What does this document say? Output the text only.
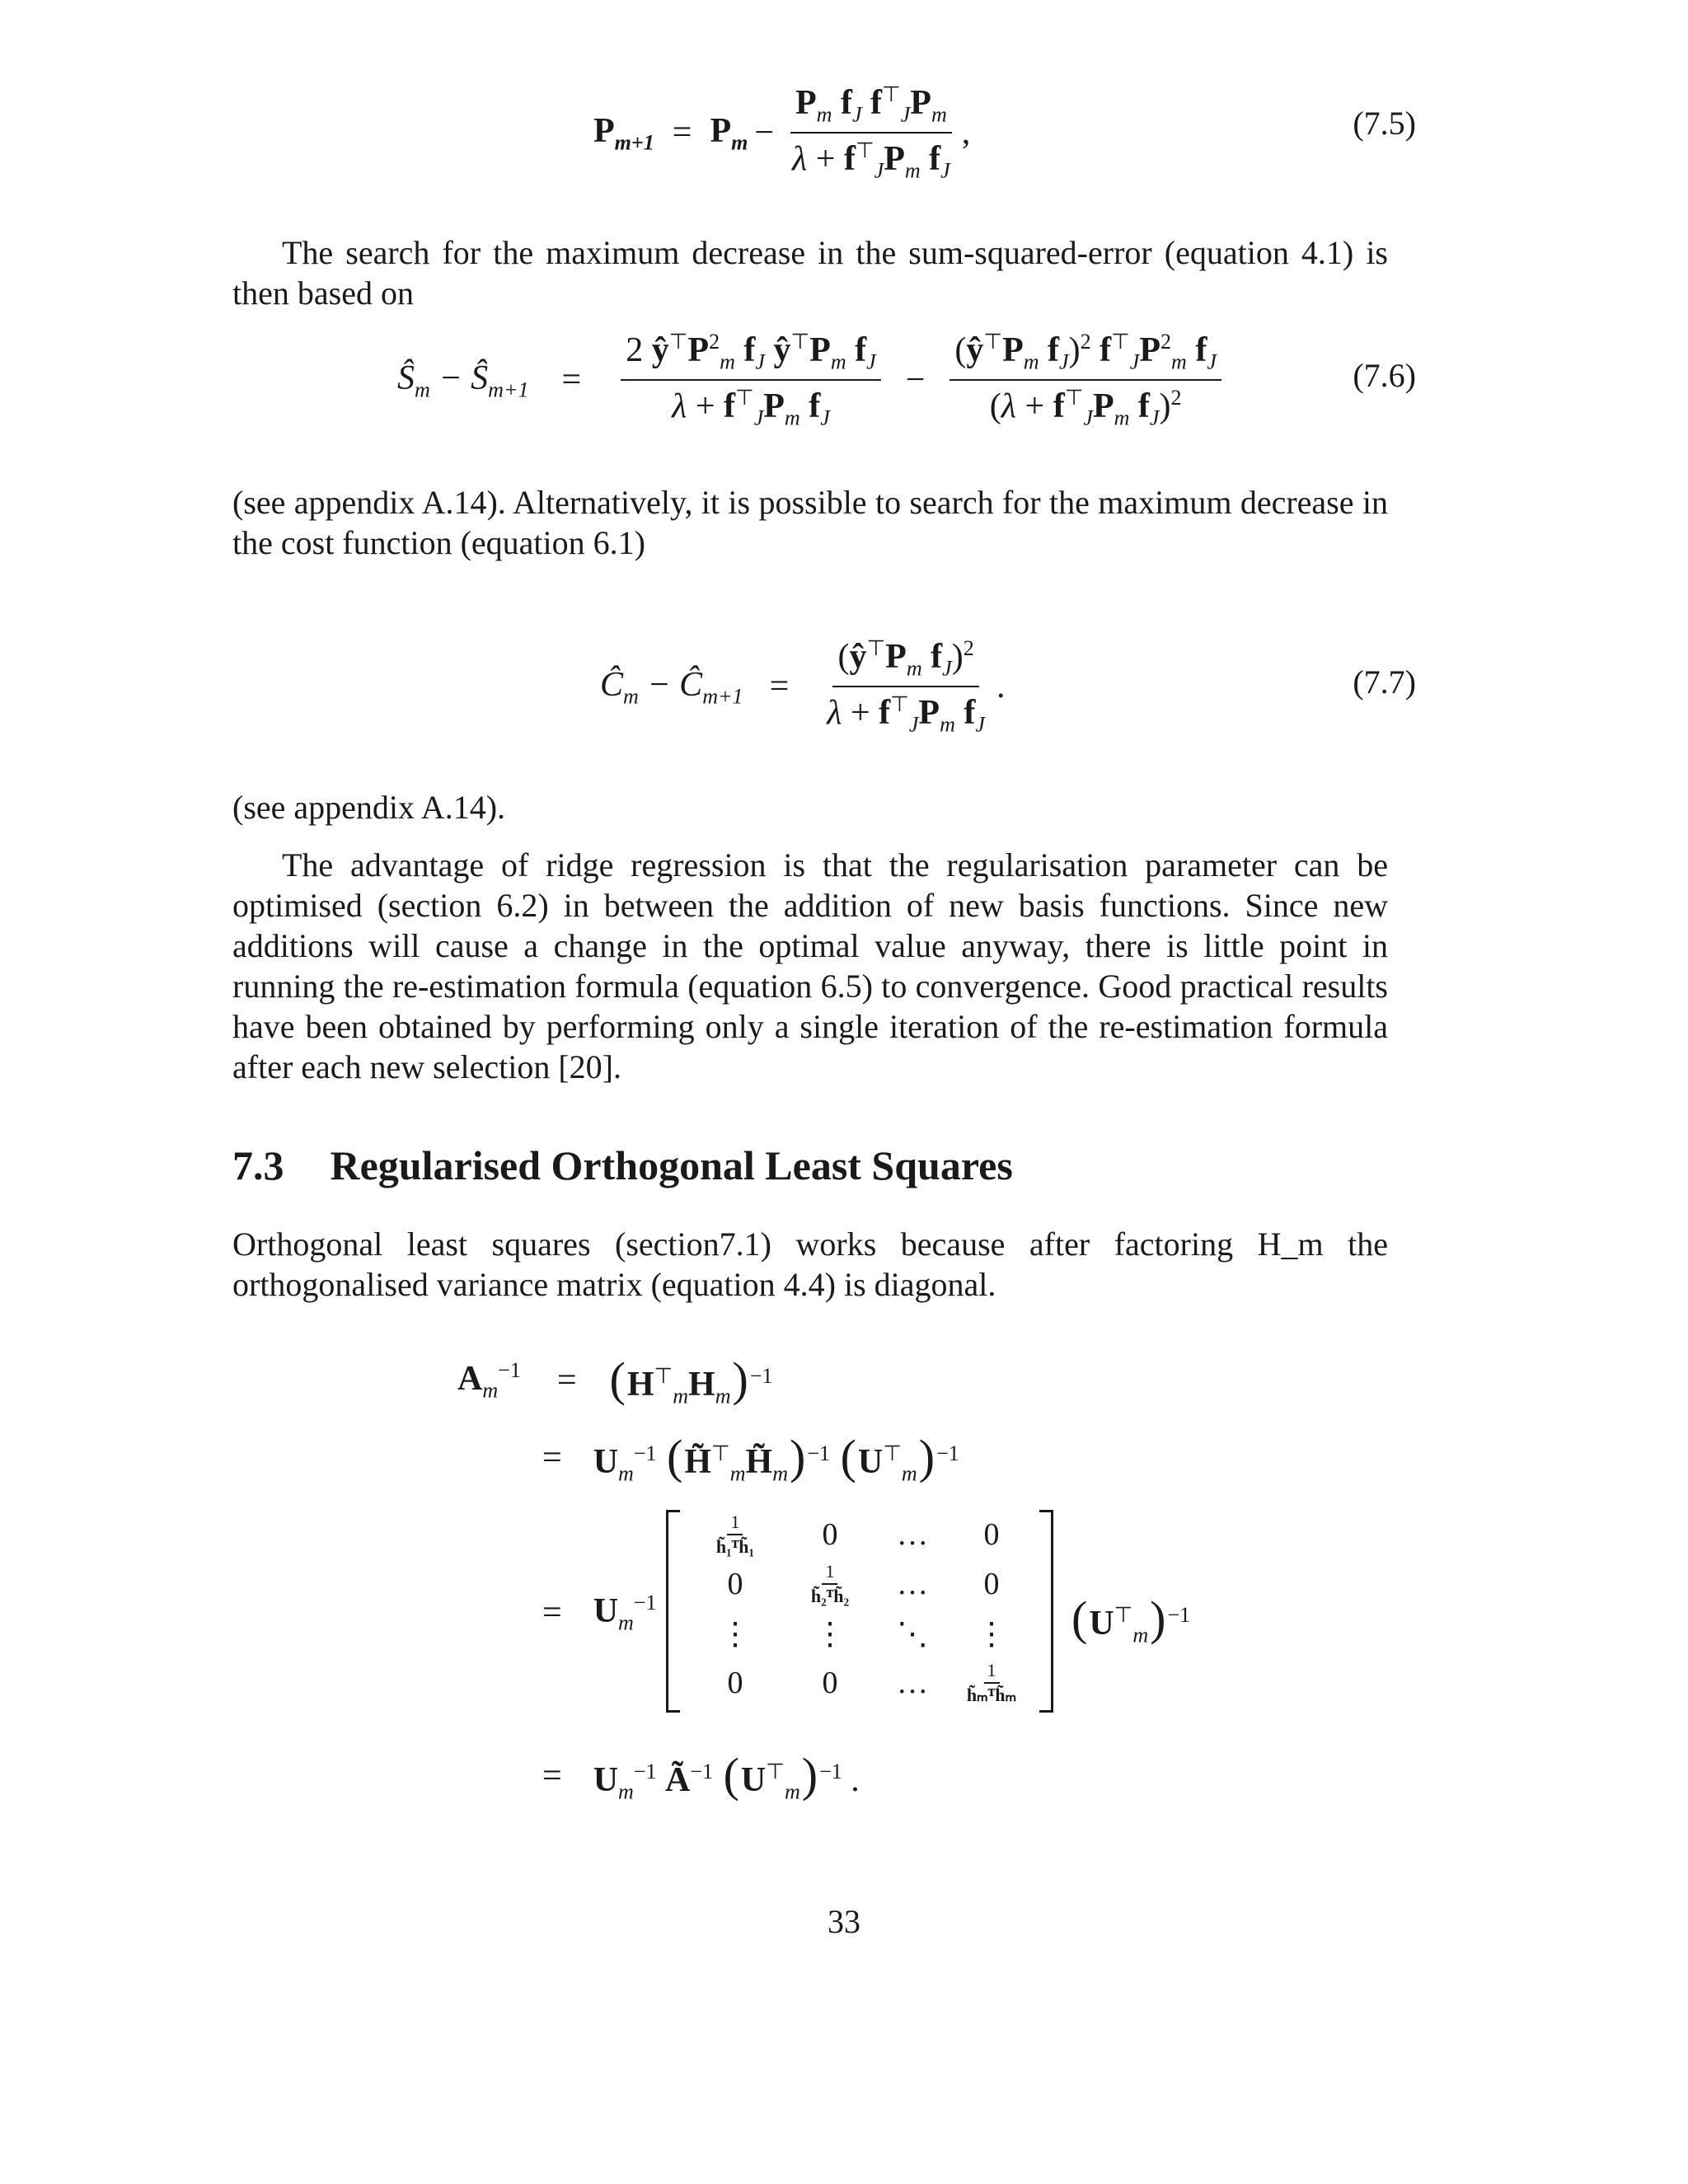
$P_{m+1} = P_m - \frac{P_m f_J f^⊤_JP_m}{\lambda + f^⊤_JP_m f_J}$ ,	(7.5)
The search for the maximum decrease in the sum-squared-error (equation 4.1) is then based on
$Ŝ_m$ − $Ŝ_{m+1} = \frac{2 ŷ^⊤P^2_m f_J ŷ^⊤P_m f_J}{\lambda + f^⊤_JP_m f_J} - \frac{(ŷ^⊤P_m f_J)^2 f^⊤_JP^2_m f_J}{(\lambda + f^⊤_JP_m f_J)^2}$	(7.6)
(see appendix A.14). Alternatively, it is possible to search for the maximum decrease in the cost function (equation 6.1)
$Ĉ_m$ − $Ĉ_{m+1} = \frac{(ŷ^⊤P_m f_J)^2}{\lambda + f^⊤_JP_m f_J}$ .	(7.7)
(see appendix A.14).
The advantage of ridge regression is that the regularisation parameter can be optimised (section 6.2) in between the addition of new basis functions. Since new additions will cause a change in the optimal value anyway, there is little point in running the re-estimation formula (equation 6.5) to convergence. Good practical results have been obtained by performing only a single iteration of the re-estimation formula after each new selection [20].
7.3 Regularised Orthogonal Least Squares
Orthogonal least squares (section7.1) works because after factoring H_m the orthogonalised variance matrix (equation 4.4) is diagonal.
$A_m^{-1} = (H^⊤_mH_m)^{-1}$
= $U_m^{-1}$ $(H̃^⊤_mH̃_m)^{-1}$ $(U^⊤_m)^{-1}$
= $U_m^{-1}$
$\frac{1}{\text{h̃₁ᵀh̃₁}}$	0	…	0
0	$\frac{1}{\text{h̃₂ᵀh̃₂}}$	…	0
⋮	⋮	⋱	⋮
0	0	…	$\frac{1}{\text{h̃ₘᵀh̃ₘ}}$
$(U^⊤_m)^{-1}$
= $U_m^{-1}$ $Ã^{-1}$ $(U^⊤_m)^{-1}$ .
33
